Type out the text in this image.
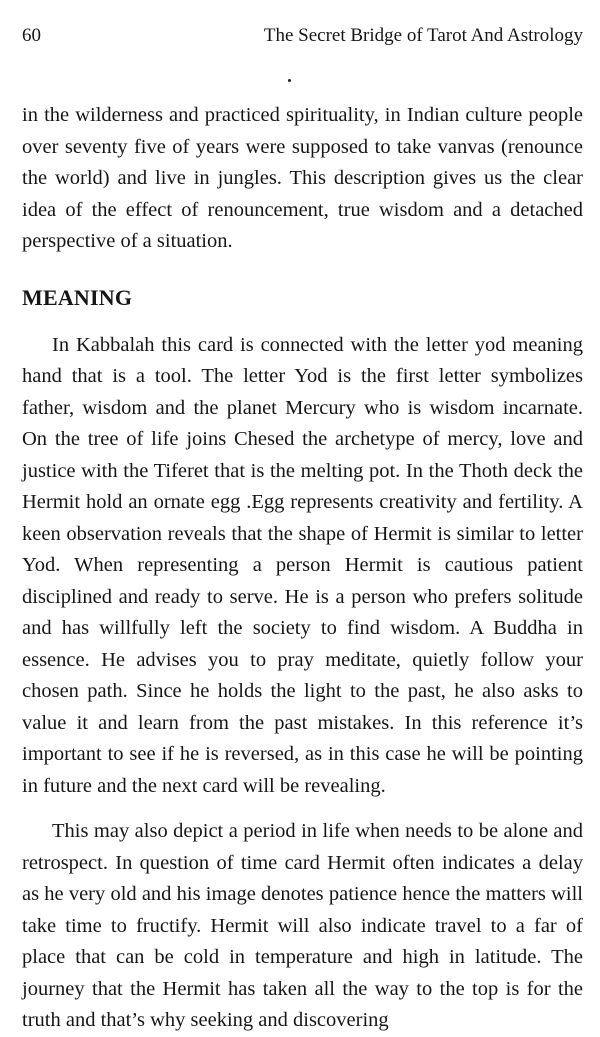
60	The Secret Bridge of Tarot And Astrology

in the wilderness and practiced spirituality, in Indian culture people over seventy five of years were supposed to take vanvas (renounce the world) and live in jungles. This description gives us the clear idea of the effect of renouncement, true wisdom and a detached perspective of a situation.

MEANING

In Kabbalah this card is connected with the letter yod meaning hand that is a tool. The letter Yod is the first letter symbolizes father, wisdom and the planet Mercury who is wisdom incarnate. On the tree of life joins Chesed the archetype of mercy, love and justice with the Tiferet that is the melting pot. In the Thoth deck the Hermit hold an ornate egg .Egg represents creativity and fertility. A keen observation reveals that the shape of Hermit is similar to letter Yod. When representing a person Hermit is cautious patient disciplined and ready to serve. He is a person who prefers solitude and has willfully left the society to find wisdom. A Buddha in essence. He advises you to pray meditate, quietly follow your chosen path. Since he holds the light to the past, he also asks to value it and learn from the past mistakes. In this reference it’s important to see if he is reversed, as in this case he will be pointing in future and the next card will be revealing.

This may also depict a period in life when needs to be alone and retrospect. In question of time card Hermit often indicates a delay as he very old and his image denotes patience hence the matters will take time to fructify. Hermit will also indicate travel to a far of place that can be cold in temperature and high in latitude. The journey that the Hermit has taken all the way to the top is for the truth and that’s why seeking and discovering
